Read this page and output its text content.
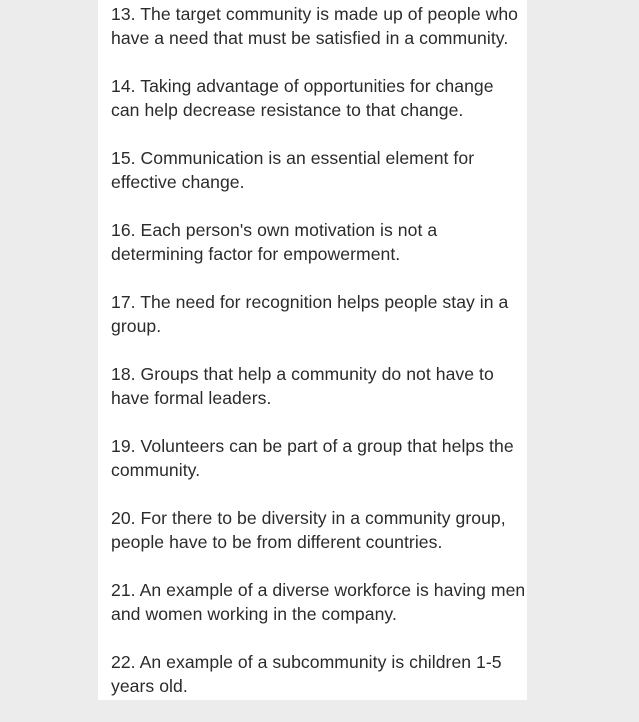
13. The target community is made up of people who have a need that must be satisfied in a community.
14. Taking advantage of opportunities for change can help decrease resistance to that change.
15. Communication is an essential element for effective change.
16. Each person's own motivation is not a determining factor for empowerment.
17. The need for recognition helps people stay in a group.
18. Groups that help a community do not have to have formal leaders.
19. Volunteers can be part of a group that helps the community.
20. For there to be diversity in a community group, people have to be from different countries.
21. An example of a diverse workforce is having men and women working in the company.
22. An example of a subcommunity is children 1-5 years old.
